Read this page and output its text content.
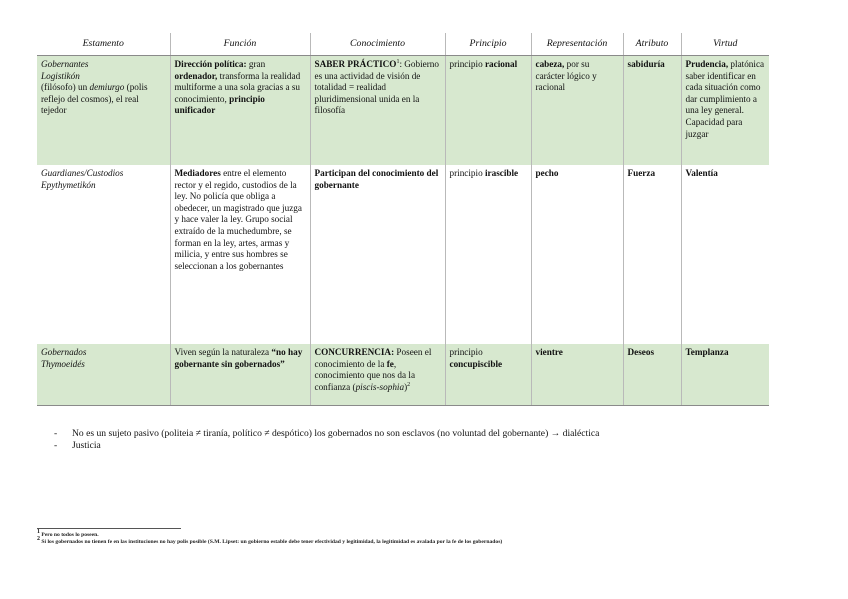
Estamento	Función	Conocimiento	Principio	Representación	Atributo	Virtud

Gobernantes
Logistikón
(filósofo) un demiurgo (polis reflejo del cosmos), el real tejedor	Dirección política: gran ordenador, transforma la realidad multiforme a una sola gracias a su conocimiento, principio unificador	SABER PRÁCTICO$^1$: Gobierno es una actividad de visión de totalidad = realidad pluridimensional unida en la filosofía	principio racional	cabeza, por su carácter lógico y racional	sabiduría	Prudencia, platónica saber identificar en cada situación como dar cumplimiento a una ley general. Capacidad para juzgar

Guardianes/Custodios
Epythymetikón	Mediadores entre el elemento rector y el regido, custodios de la ley. No policía que obliga a obedecer, un magistrado que juzga y hace valer la ley. Grupo social extraído de la muchedumbre, se forman en la ley, artes, armas y milicia, y entre sus hombres se seleccionan a los gobernantes	Participan del conocimiento del gobernante	principio irascible	pecho	Fuerza	Valentía

Gobernados
Thymoeidés	Viven según la naturaleza “no hay gobernante sin gobernados”	CONCURRENCIA: Poseen el conocimiento de la fe, conocimiento que nos da la confianza (piscis-sophia)$^2$	principio concupiscible	vientre	Deseos	Templanza
-	No es un sujeto pasivo (politeia ≠ tiranía, político ≠ despótico) los gobernados no son esclavos (no voluntad del gobernante) → dialéctica
-	Justicia
$^1$ Pero no todos lo poseen.
$^2$ Si los gobernados no tienen fe en las instituciones no hay polis posible (S.M. Lipset: un gobierno estable debe tener efectividad y legitimidad, la legitimidad es avalada por la fe de los gobernados)
